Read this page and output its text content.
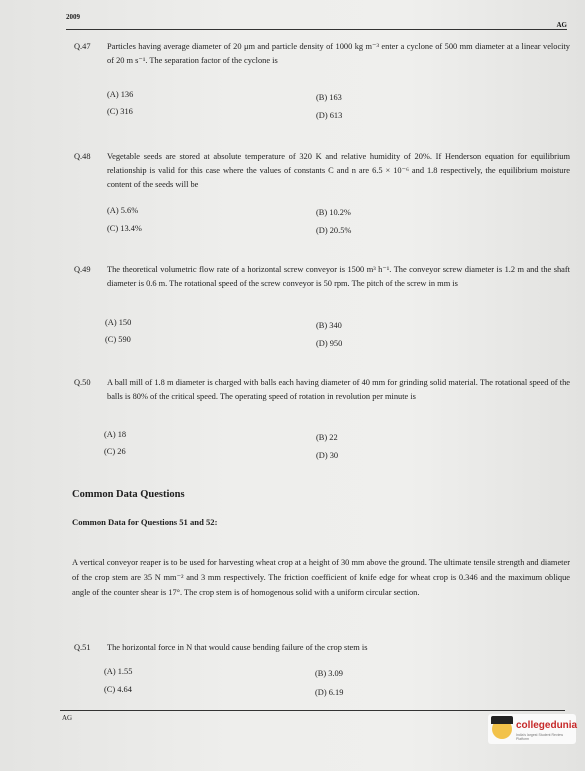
2009
AG
Q.47 Particles having average diameter of 20 μm and particle density of 1000 kg m⁻³ enter a cyclone of 500 mm diameter at a linear velocity of 20 m s⁻¹. The separation factor of the cyclone is
(A) 136	(B) 163
(C) 316	(D) 613
Q.48 Vegetable seeds are stored at absolute temperature of 320 K and relative humidity of 20%. If Henderson equation for equilibrium relationship is valid for this case where the values of constants C and n are 6.5 × 10⁻⁶ and 1.8 respectively, the equilibrium moisture content of the seeds will be
(A) 5.6%	(B) 10.2%
(C) 13.4%	(D) 20.5%
Q.49 The theoretical volumetric flow rate of a horizontal screw conveyor is 1500 m³ h⁻¹. The conveyor screw diameter is 1.2 m and the shaft diameter is 0.6 m. The rotational speed of the screw conveyor is 50 rpm. The pitch of the screw in mm is
(A) 150	(B) 340
(C) 590	(D) 950
Q.50 A ball mill of 1.8 m diameter is charged with balls each having diameter of 40 mm for grinding solid material. The rotational speed of the balls is 80% of the critical speed. The operating speed of rotation in revolution per minute is
(A) 18	(B) 22
(C) 26	(D) 30
Common Data Questions
Common Data for Questions 51 and 52:
A vertical conveyor reaper is to be used for harvesting wheat crop at a height of 30 mm above the ground. The ultimate tensile strength and diameter of the crop stem are 35 N mm⁻² and 3 mm respectively. The friction coefficient of knife edge for wheat crop is 0.346 and the maximum oblique angle of the counter shear is 17°. The crop stem is of homogenous solid with a uniform circular section.
Q.51 The horizontal force in N that would cause bending failure of the crop stem is
(A) 1.55	(B) 3.09
(C) 4.64	(D) 6.19
AG
collegedunia
India's largest Student Review Platform
